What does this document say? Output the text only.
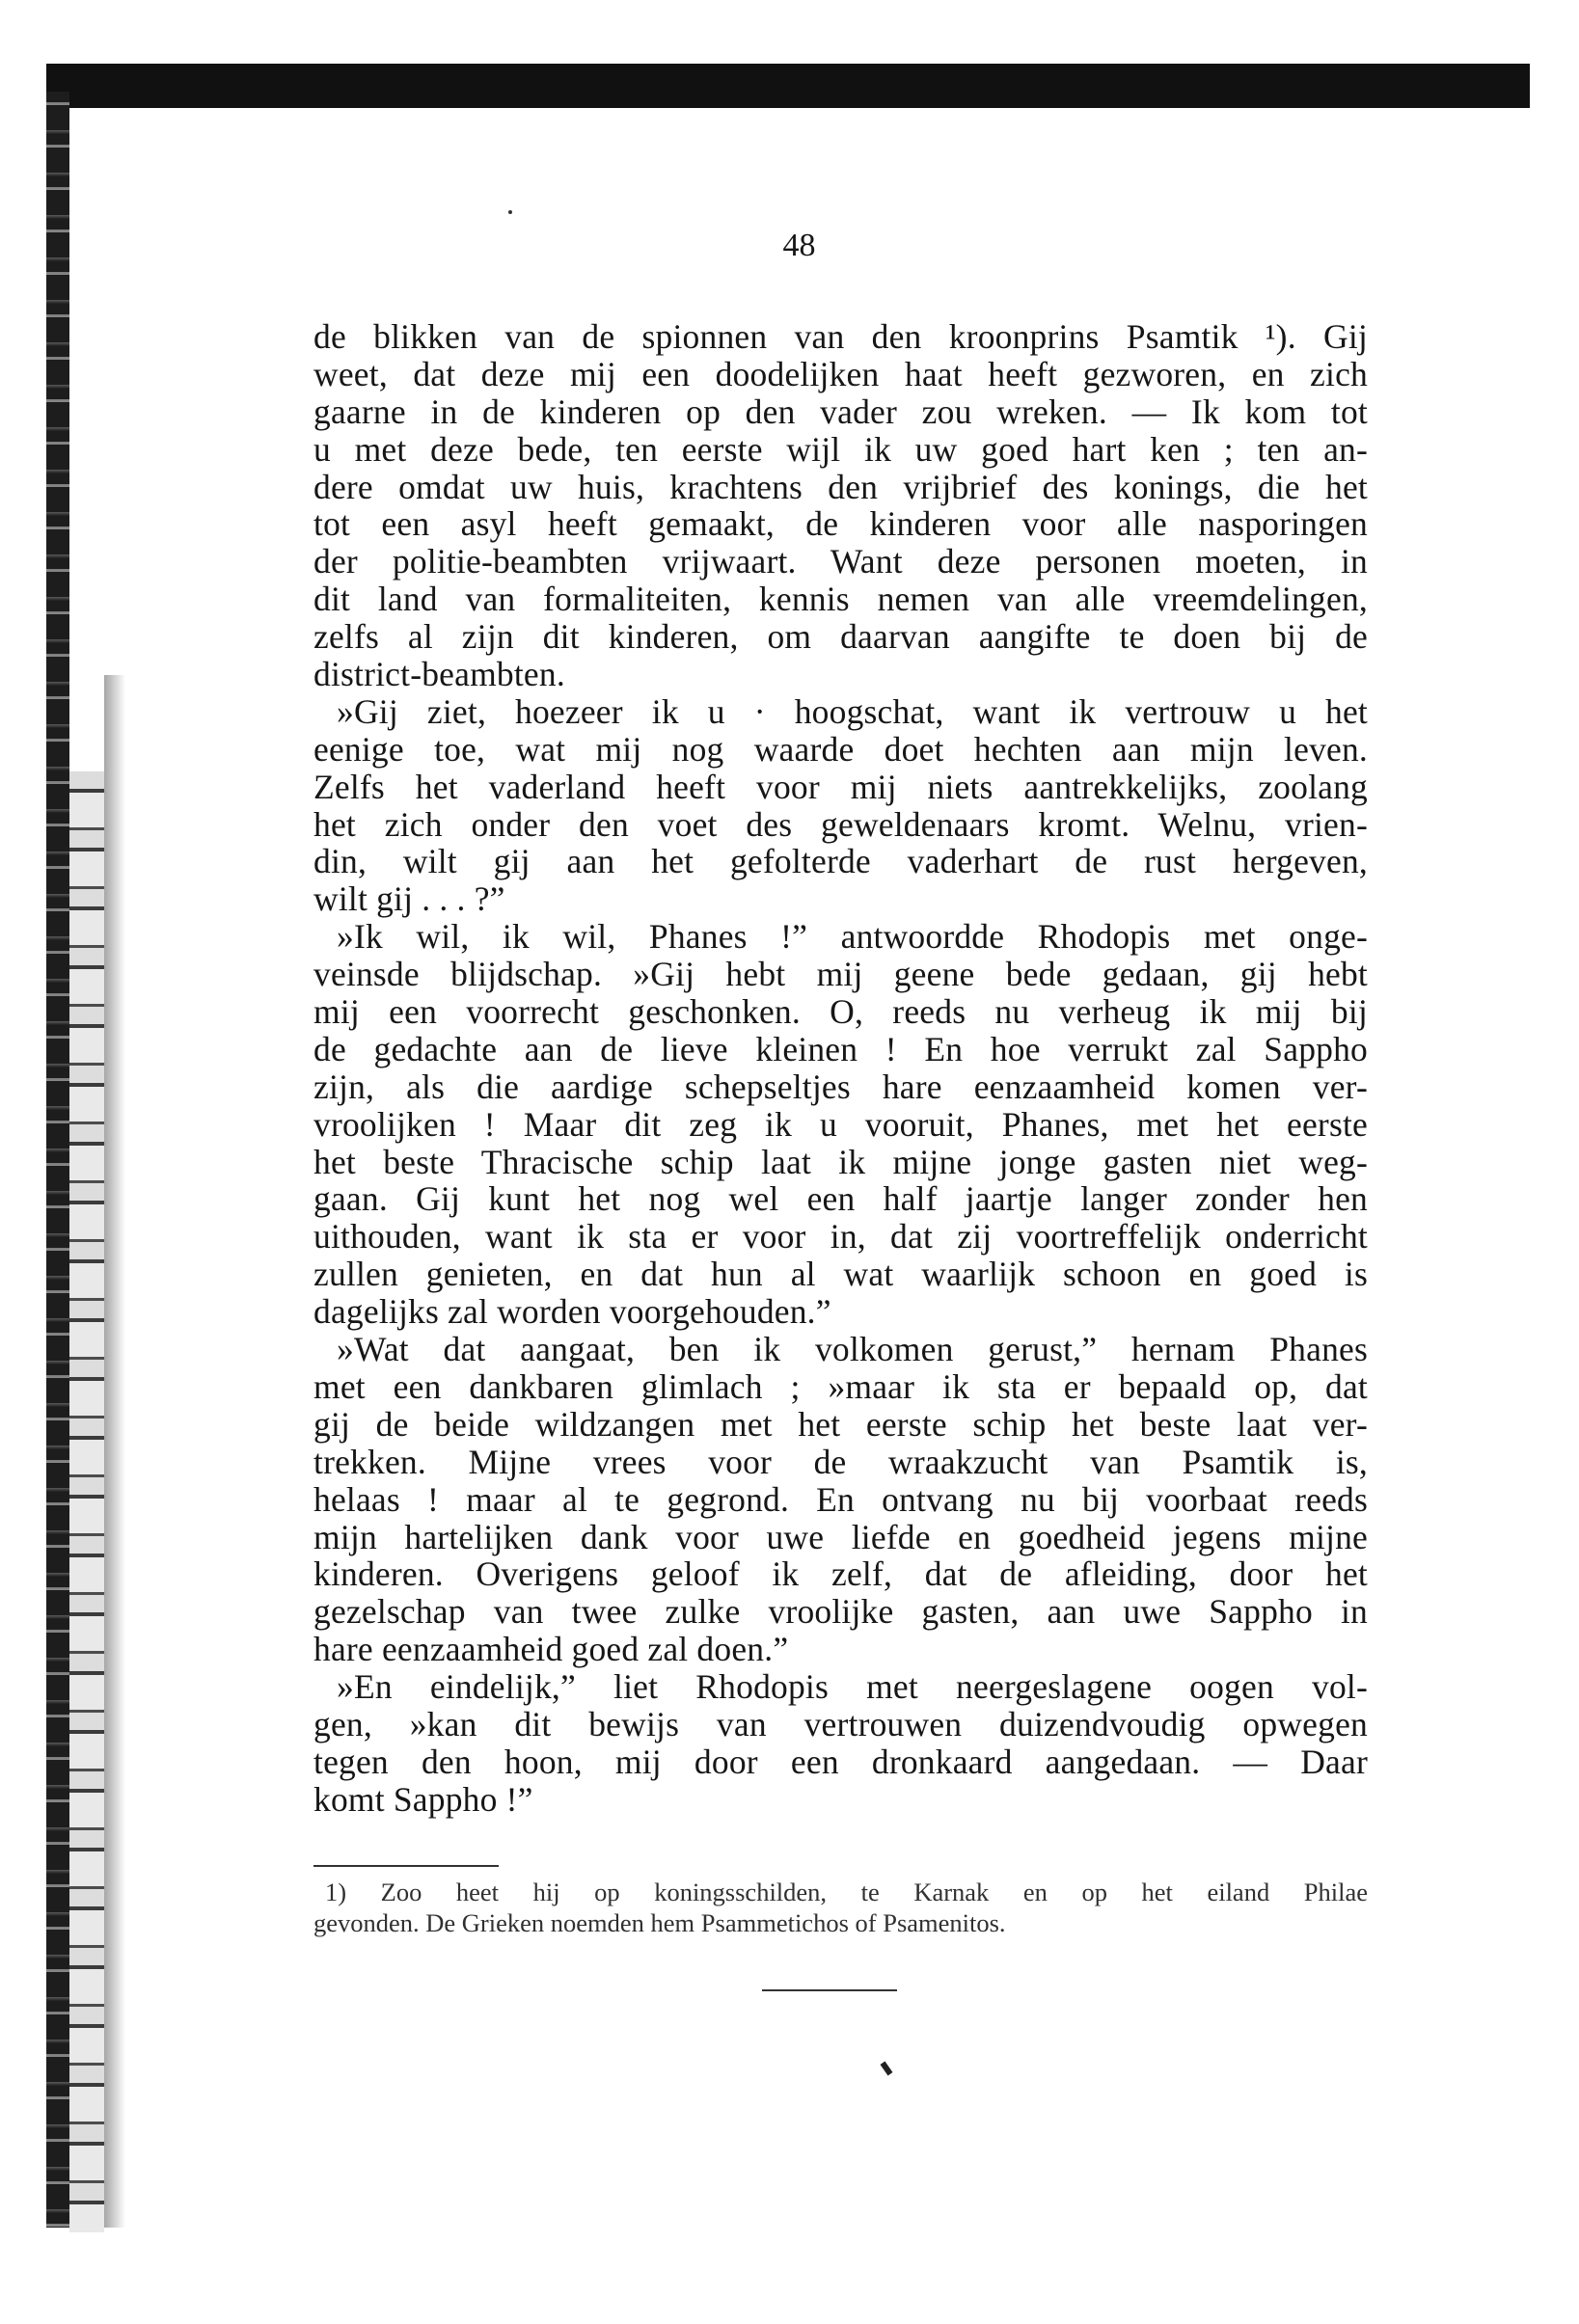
48
de blikken van de spionnen van den kroonprins Psamtik ¹). Gij
weet, dat deze mij een doodelijken haat heeft gezworen, en zich
gaarne in de kinderen op den vader zou wreken. — Ik kom tot
u met deze bede, ten eerste wijl ik uw goed hart ken ; ten an-
dere omdat uw huis, krachtens den vrijbrief des konings, die het
tot een asyl heeft gemaakt, de kinderen voor alle nasporingen
der politie-beambten vrijwaart. Want deze personen moeten, in
dit land van formaliteiten, kennis nemen van alle vreemdelingen,
zelfs al zijn dit kinderen, om daarvan aangifte te doen bij de
district-beambten.
»Gij ziet, hoezeer ik u · hoogschat, want ik vertrouw u het
eenige toe, wat mij nog waarde doet hechten aan mijn leven.
Zelfs het vaderland heeft voor mij niets aantrekkelijks, zoolang
het zich onder den voet des geweldenaars kromt. Welnu, vrien-
din, wilt gij aan het gefolterde vaderhart de rust hergeven,
wilt gij . . . ?”
»Ik wil, ik wil, Phanes !” antwoordde Rhodopis met onge-
veinsde blijdschap. »Gij hebt mij geene bede gedaan, gij hebt
mij een voorrecht geschonken. O, reeds nu verheug ik mij bij
de gedachte aan de lieve kleinen ! En hoe verrukt zal Sappho
zijn, als die aardige schepseltjes hare eenzaamheid komen ver-
vroolijken ! Maar dit zeg ik u vooruit, Phanes, met het eerste
het beste Thracische schip laat ik mijne jonge gasten niet weg-
gaan. Gij kunt het nog wel een half jaartje langer zonder hen
uithouden, want ik sta er voor in, dat zij voortreffelijk onderricht
zullen genieten, en dat hun al wat waarlijk schoon en goed is
dagelijks zal worden voorgehouden.”
»Wat dat aangaat, ben ik volkomen gerust,” hernam Phanes
met een dankbaren glimlach ; »maar ik sta er bepaald op, dat
gij de beide wildzangen met het eerste schip het beste laat ver-
trekken. Mijne vrees voor de wraakzucht van Psamtik is,
helaas ! maar al te gegrond. En ontvang nu bij voorbaat reeds
mijn hartelijken dank voor uwe liefde en goedheid jegens mijne
kinderen. Overigens geloof ik zelf, dat de afleiding, door het
gezelschap van twee zulke vroolijke gasten, aan uwe Sappho in
hare eenzaamheid goed zal doen.”
»En eindelijk,” liet Rhodopis met neergeslagene oogen vol-
gen, »kan dit bewijs van vertrouwen duizendvoudig opwegen
tegen den hoon, mij door een dronkaard aangedaan. — Daar
komt Sappho !”
1) Zoo heet hij op koningsschilden, te Karnak en op het eiland Philae
gevonden. De Grieken noemden hem Psammetichos of Psamenitos.
